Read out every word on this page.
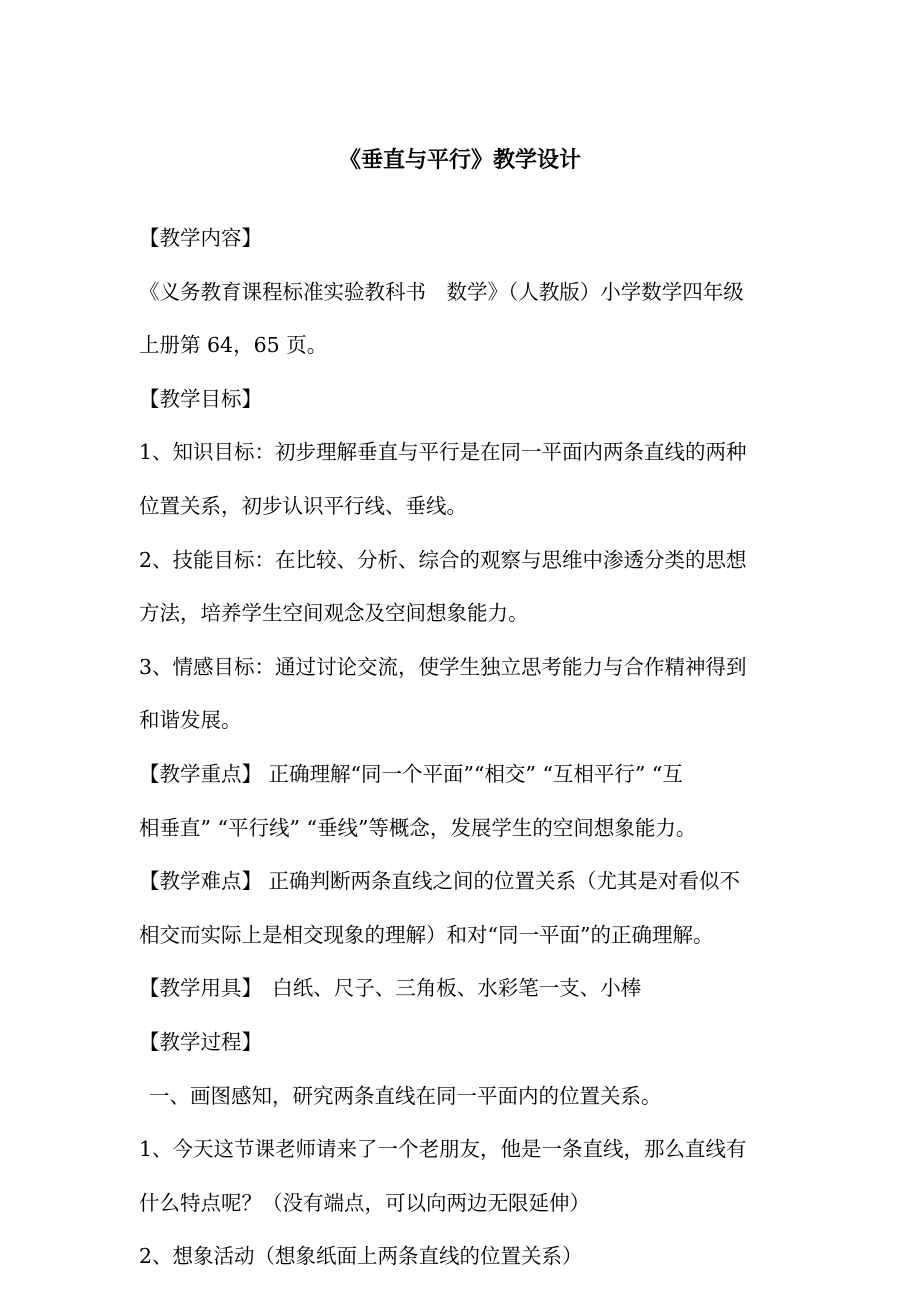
《垂直与平行》教学设计
【教学内容】
《义务教育课程标准实验教科书　数学》（人教版）小学数学四年级
上册第 64，65 页。
【教学目标】
1、知识目标：初步理解垂直与平行是在同一平面内两条直线的两种
位置关系，初步认识平行线、垂线。
2、技能目标：在比较、分析、综合的观察与思维中渗透分类的思想
方法，培养学生空间观念及空间想象能力。
3、情感目标：通过讨论交流，使学生独立思考能力与合作精神得到
和谐发展。
【教学重点】 正确理解“同一个平面”“相交” “互相平行” “互
相垂直” “平行线” “垂线”等概念，发展学生的空间想象能力。
【教学难点】 正确判断两条直线之间的位置关系（尤其是对看似不
相交而实际上是相交现象的理解）和对“同一平面”的正确理解。
【教学用具】　白纸、尺子、三角板、水彩笔一支、小棒
【教学过程】
一、画图感知，研究两条直线在同一平面内的位置关系。
1、今天这节课老师请来了一个老朋友，他是一条直线，那么直线有
什么特点呢？（没有端点，可以向两边无限延伸）
2、想象活动（想象纸面上两条直线的位置关系）
